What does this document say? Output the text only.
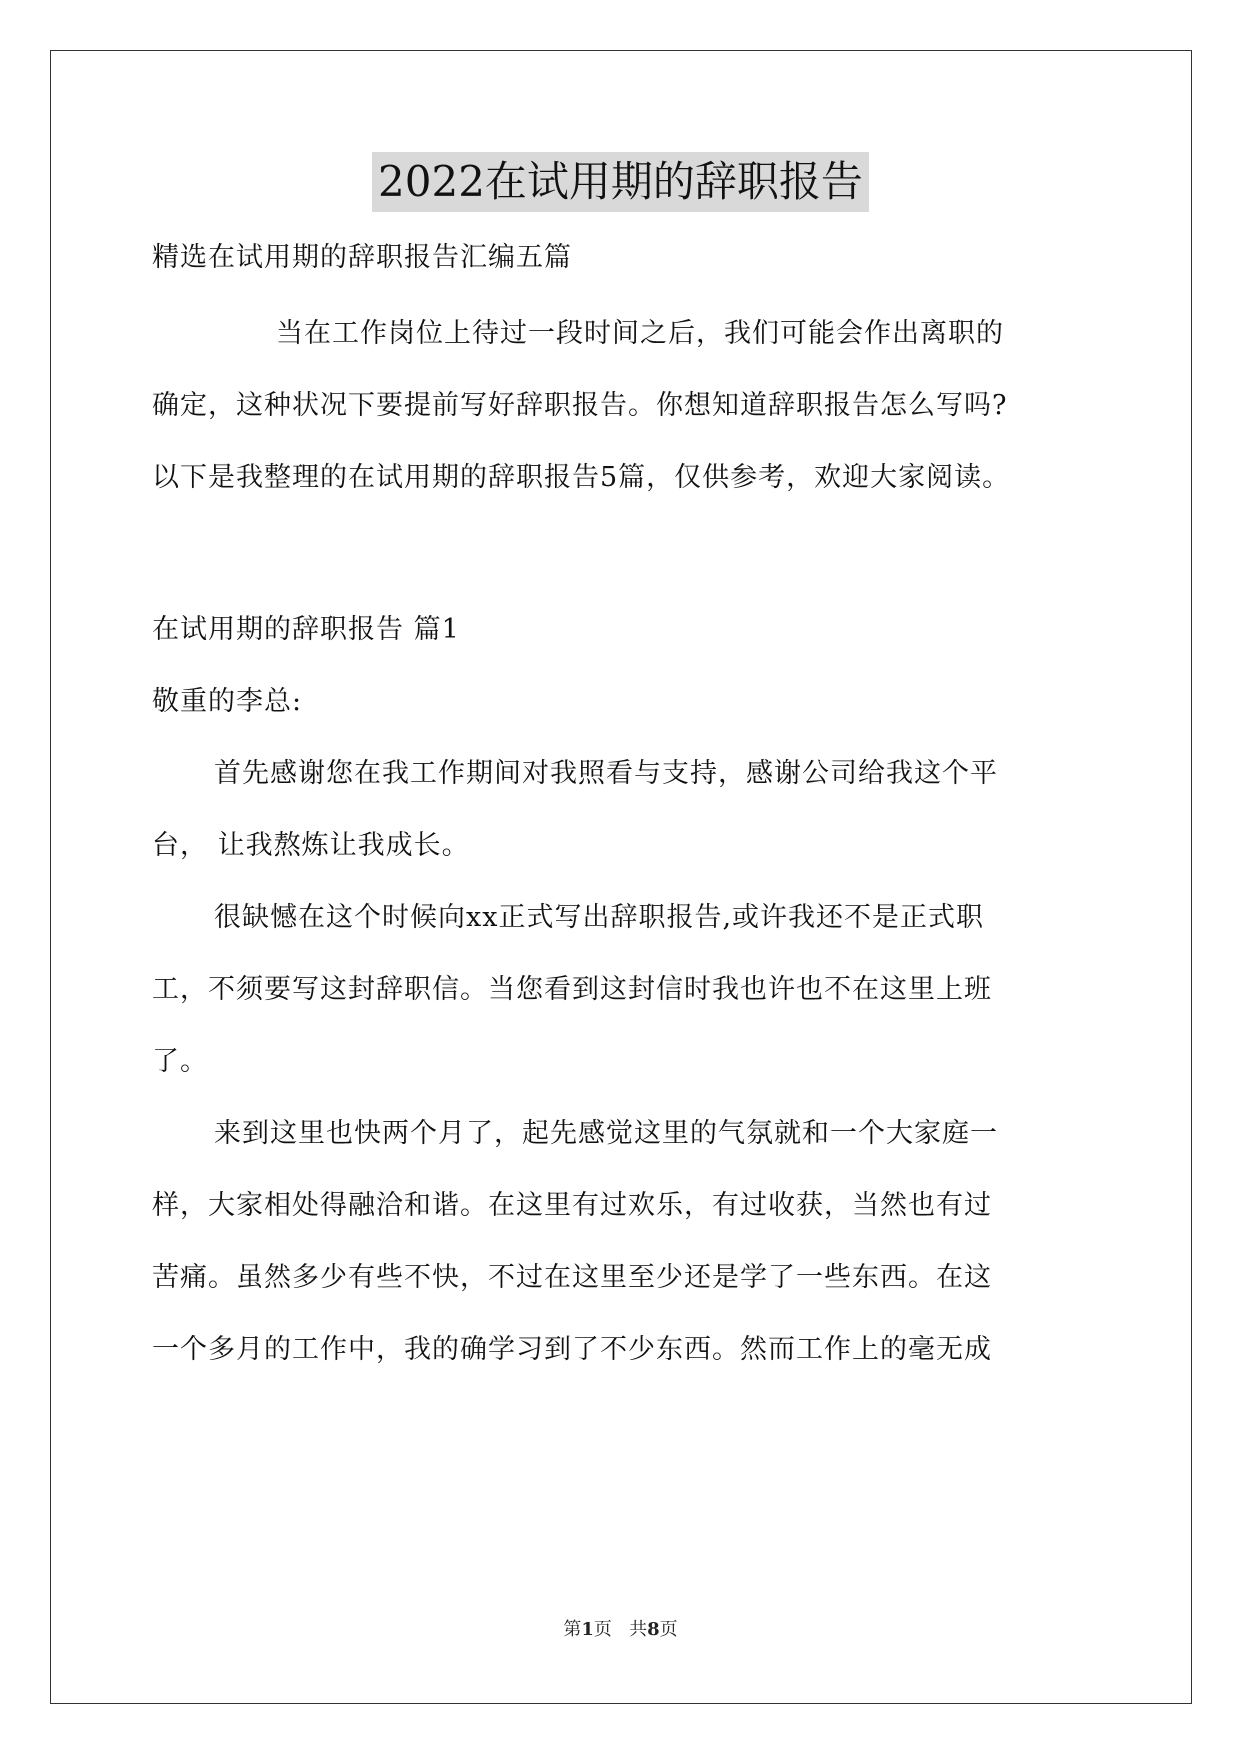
2022在试用期的辞职报告
精选在试用期的辞职报告汇编五篇
当在工作岗位上待过一段时间之后，我们可能会作出离职的
确定，这种状况下要提前写好辞职报告。你想知道辞职报告怎么写吗?
以下是我整理的在试用期的辞职报告5篇，仅供参考，欢迎大家阅读。
在试用期的辞职报告 篇1
敬重的李总:
首先感谢您在我工作期间对我照看与支持，感谢公司给我这个平
台， 让我熬炼让我成长。
很缺憾在这个时候向xx正式写出辞职报告,或许我还不是正式职
工，不须要写这封辞职信。当您看到这封信时我也许也不在这里上班
了。
来到这里也快两个月了，起先感觉这里的气氛就和一个大家庭一
样，大家相处得融洽和谐。在这里有过欢乐，有过收获，当然也有过
苦痛。虽然多少有些不快，不过在这里至少还是学了一些东西。在这
一个多月的工作中，我的确学习到了不少东西。然而工作上的毫无成
第1页   共8页
